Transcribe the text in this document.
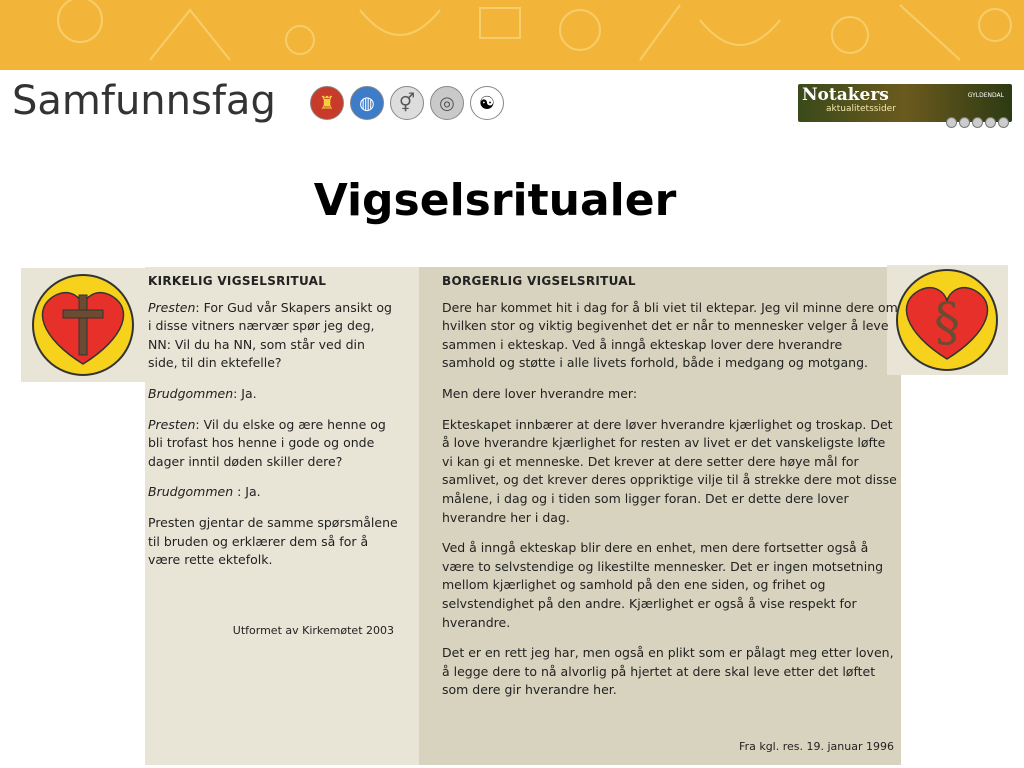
Samfunnsfag	♜	◍	⚥	◎	☯	Notakers
aktualitetssider
GYLDENDAL
Vigselsritualer
§
KIRKELIG VIGSELSRITUAL

Presten: For Gud vår Skapers ansikt og i disse vitners nærvær spør jeg deg, NN: Vil du ha NN, som står ved din side, til din ektefelle?

Brudgommen: Ja.

Presten: Vil du elske og ære henne og bli trofast hos henne i gode og onde dager inntil døden skiller dere?

Brudgommen : Ja.

Presten gjentar de samme spørsmålene til bruden og erklærer dem så for å være rette ektefolk.

Utformet av Kirkemøtet 2003
BORGERLIG VIGSELSRITUAL

Dere har kommet hit i dag for å bli viet til ektepar. Jeg vil minne dere om hvilken stor og viktig begivenhet det er når to mennesker velger å leve sammen i ekteskap. Ved å inngå ekteskap lover dere hverandre samhold og støtte i alle livets forhold, både i medgang og motgang.

Men dere lover hverandre mer:

Ekteskapet innbærer at dere løver hverandre kjærlighet og troskap. Det å love hverandre kjærlighet for resten av livet er det vanskeligste løfte vi kan gi et menneske. Det krever at dere setter dere høye mål for samlivet, og det krever deres oppriktige vilje til å strekke dere mot disse målene, i dag og i tiden som ligger foran. Det er dette dere lover hverandre her i dag.

Ved å inngå ekteskap blir dere en enhet, men dere fortsetter også å være to selvstendige og likestilte mennesker. Det er ingen motsetning mellom kjærlighet og samhold på den ene siden, og frihet og selvstendighet på den andre. Kjærlighet er også å vise respekt for hverandre.

Det er en rett jeg har, men også en plikt som er pålagt meg etter loven, å legge dere to nå alvorlig på hjertet at dere skal leve etter det løftet som dere gir hverandre her.

Fra kgl. res. 19. januar 1996
